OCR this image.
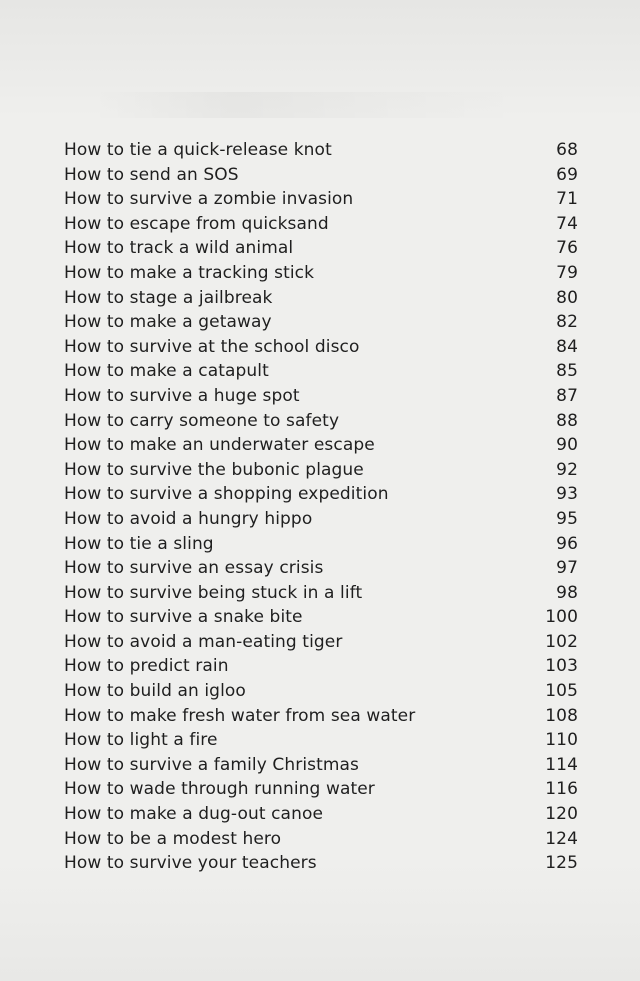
How to tie a quick-release knot	68
How to send an SOS	69
How to survive a zombie invasion	71
How to escape from quicksand	74
How to track a wild animal	76
How to make a tracking stick	79
How to stage a jailbreak	80
How to make a getaway	82
How to survive at the school disco	84
How to make a catapult	85
How to survive a huge spot	87
How to carry someone to safety	88
How to make an underwater escape	90
How to survive the bubonic plague	92
How to survive a shopping expedition	93
How to avoid a hungry hippo	95
How to tie a sling	96
How to survive an essay crisis	97
How to survive being stuck in a lift	98
How to survive a snake bite	100
How to avoid a man-eating tiger	102
How to predict rain	103
How to build an igloo	105
How to make fresh water from sea water	108
How to light a fire	110
How to survive a family Christmas	114
How to wade through running water	116
How to make a dug-out canoe	120
How to be a modest hero	124
How to survive your teachers	125
